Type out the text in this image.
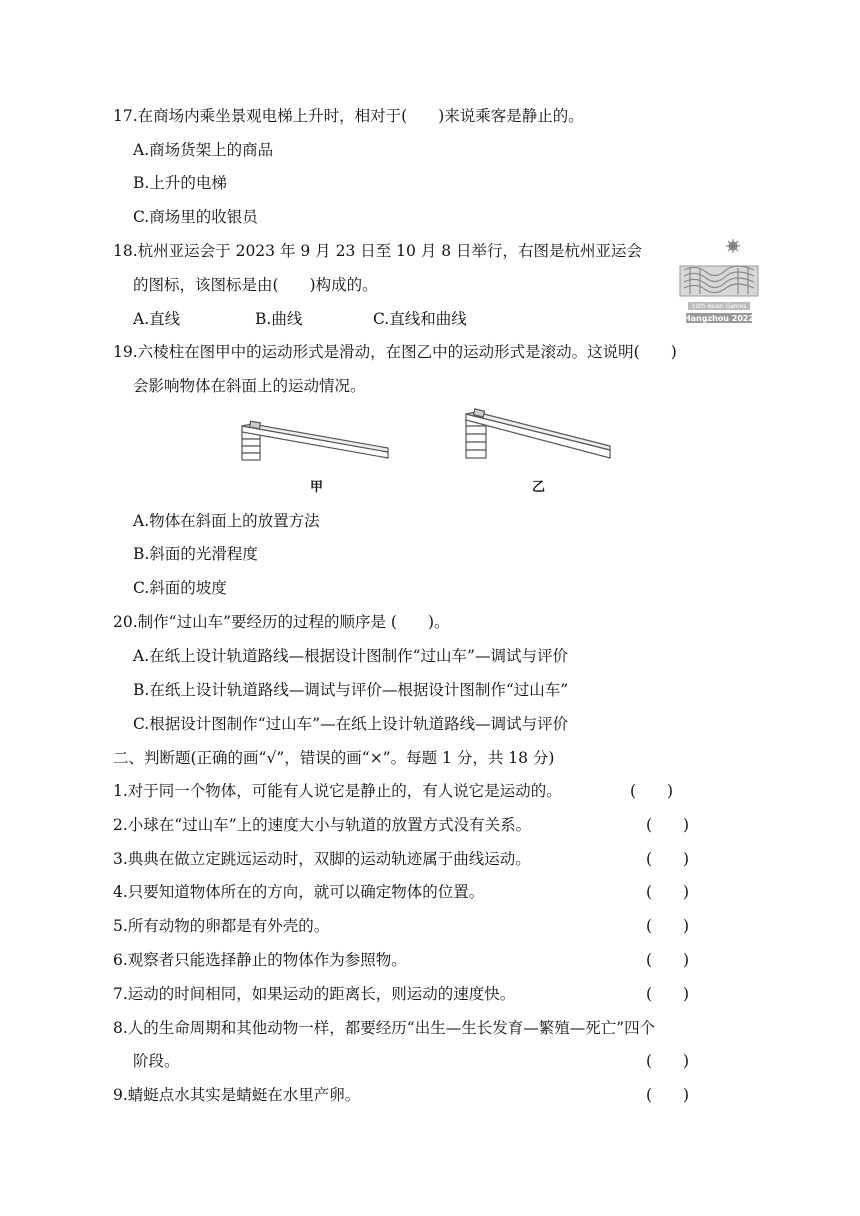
17.在商场内乘坐景观电梯上升时，相对于(　　)来说乘客是静止的。
A.商场货架上的商品
B.上升的电梯
C.商场里的收银员
18.杭州亚运会于 2023 年 9 月 23 日至 10 月 8 日举行，右图是杭州亚运会
的图标，该图标是由(　　)构成的。
A.直线	B.曲线	C.直线和曲线
19th Asian Games
Hangzhou 2022
19.六棱柱在图甲中的运动形式是滑动，在图乙中的运动形式是滚动。这说明(　　)
会影响物体在斜面上的运动情况。
甲	乙
A.物体在斜面上的放置方法
B.斜面的光滑程度
C.斜面的坡度
20.制作“过山车”要经历的过程的顺序是 (　　)。
A.在纸上设计轨道路线—根据设计图制作“过山车”—调试与评价
B.在纸上设计轨道路线—调试与评价—根据设计图制作“过山车”
C.根据设计图制作“过山车”—在纸上设计轨道路线—调试与评价
二、判断题(正确的画“√”，错误的画“×”。每题 1 分，共 18 分)
1.对于同一个物体，可能有人说它是静止的，有人说它是运动的。	(　　)
2.小球在“过山车”上的速度大小与轨道的放置方式没有关系。	(　　)
3.典典在做立定跳远运动时，双脚的运动轨迹属于曲线运动。	(　　)
4.只要知道物体所在的方向，就可以确定物体的位置。	(　　)
5.所有动物的卵都是有外壳的。	(　　)
6.观察者只能选择静止的物体作为参照物。	(　　)
7.运动的时间相同，如果运动的距离长，则运动的速度快。	(　　)
8.人的生命周期和其他动物一样，都要经历“出生—生长发育—繁殖—死亡”四个
阶段。	(　　)
9.蜻蜓点水其实是蜻蜓在水里产卵。	(　　)
